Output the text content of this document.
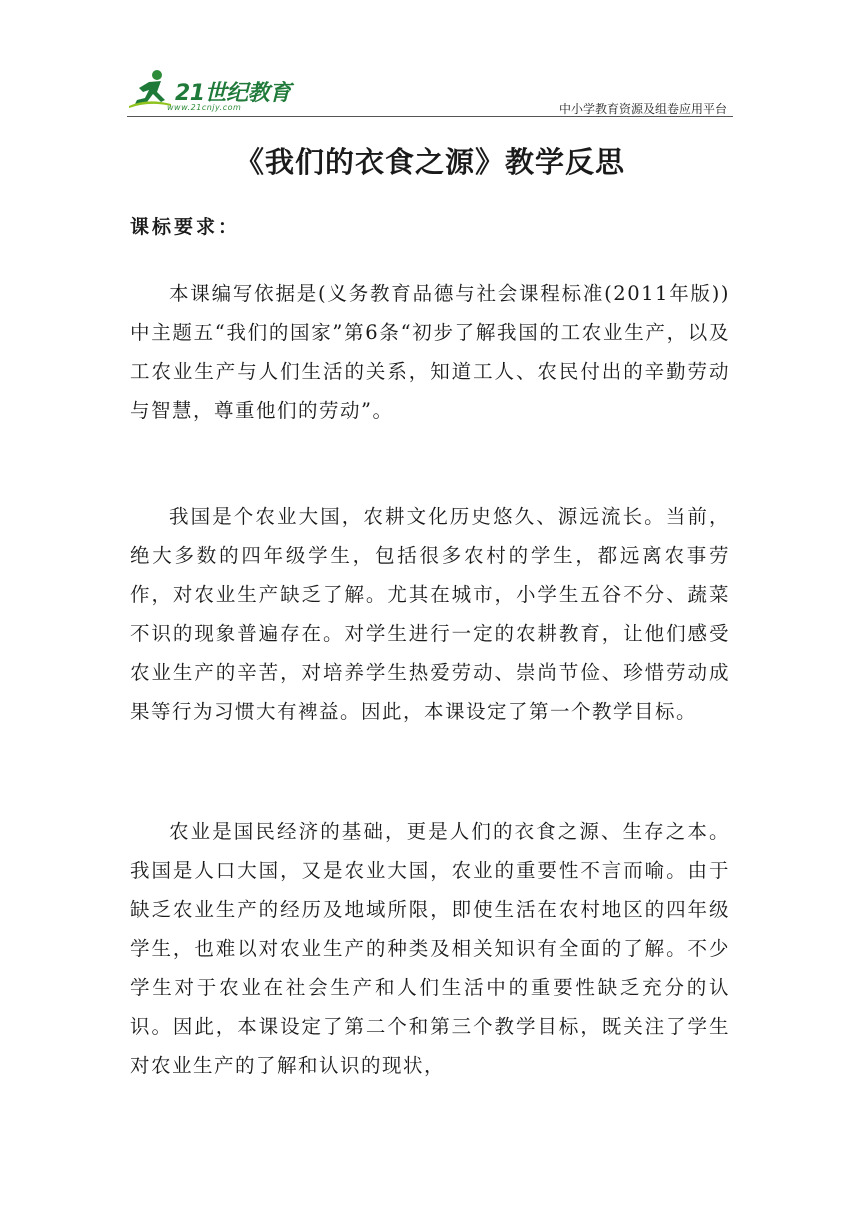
21世纪教育
www.21cnjy.com	中小学教育资源及组卷应用平台
《我们的衣食之源》教学反思
课标要求：

本课编写依据是(义务教育品德与社会课程标准(2011年版))中主题五“我们的国家”第6条“初步了解我国的工农业生产，以及工农业生产与人们生活的关系，知道工人、农民付出的辛勤劳动与智慧，尊重他们的劳动”。

我国是个农业大国，农耕文化历史悠久、源远流长。当前，绝大多数的四年级学生，包括很多农村的学生，都远离农事劳作，对农业生产缺乏了解。尤其在城市，小学生五谷不分、蔬菜不识的现象普遍存在。对学生进行一定的农耕教育，让他们感受农业生产的辛苦，对培养学生热爱劳动、崇尚节俭、珍惜劳动成果等行为习惯大有裨益。因此，本课设定了第一个教学目标。

农业是国民经济的基础，更是人们的衣食之源、生存之本。我国是人口大国，又是农业大国，农业的重要性不言而喻。由于缺乏农业生产的经历及地域所限，即使生活在农村地区的四年级学生，也难以对农业生产的种类及相关知识有全面的了解。不少学生对于农业在社会生产和人们生活中的重要性缺乏充分的认识。因此，本课设定了第二个和第三个教学目标，既关注了学生对农业生产的了解和认识的现状，
